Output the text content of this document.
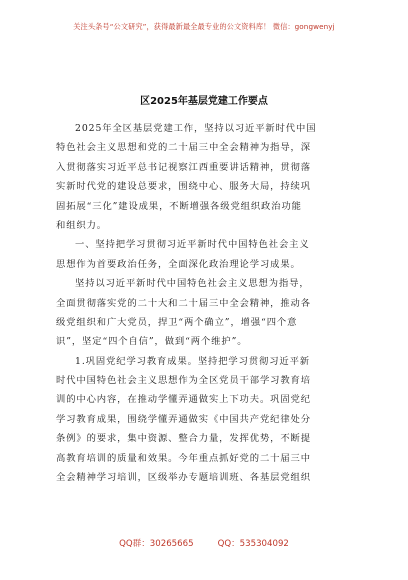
关注头条号“公文研究”，获得最新最全最专业的公文资料库！ 微信：gongwenyj
区2025年基层党建工作要点
2025年全区基层党建工作，坚持以习近平新时代中国
特色社会主义思想和党的二十届三中全会精神为指导，深
入贯彻落实习近平总书记视察江西重要讲话精神，贯彻落
实新时代党的建设总要求，围绕中心、服务大局，持续巩
固拓展“三化”建设成果，不断增强各级党组织政治功能
和组织力。
一、坚持把学习贯彻习近平新时代中国特色社会主义
思想作为首要政治任务，全面深化政治理论学习成果。
坚持以习近平新时代中国特色社会主义思想为指导，
全面贯彻落实党的二十大和二十届三中全会精神，推动各
级党组织和广大党员，捍卫“两个确立”，增强“四个意
识”，坚定“四个自信”，做到“两个维护”。
1.巩固党纪学习教育成果。坚持把学习贯彻习近平新
时代中国特色社会主义思想作为全区党员干部学习教育培
训的中心内容，在推动学懂弄通做实上下功夫。巩固党纪
学习教育成果，围绕学懂弄通做实《中国共产党纪律处分
条例》的要求，集中资源、整合力量，发挥优势，不断提
高教育培训的质量和效果。今年重点抓好党的二十届三中
全会精神学习培训，区级举办专题培训班、各基层党组织
QQ群：30265665	QQ：535304092
